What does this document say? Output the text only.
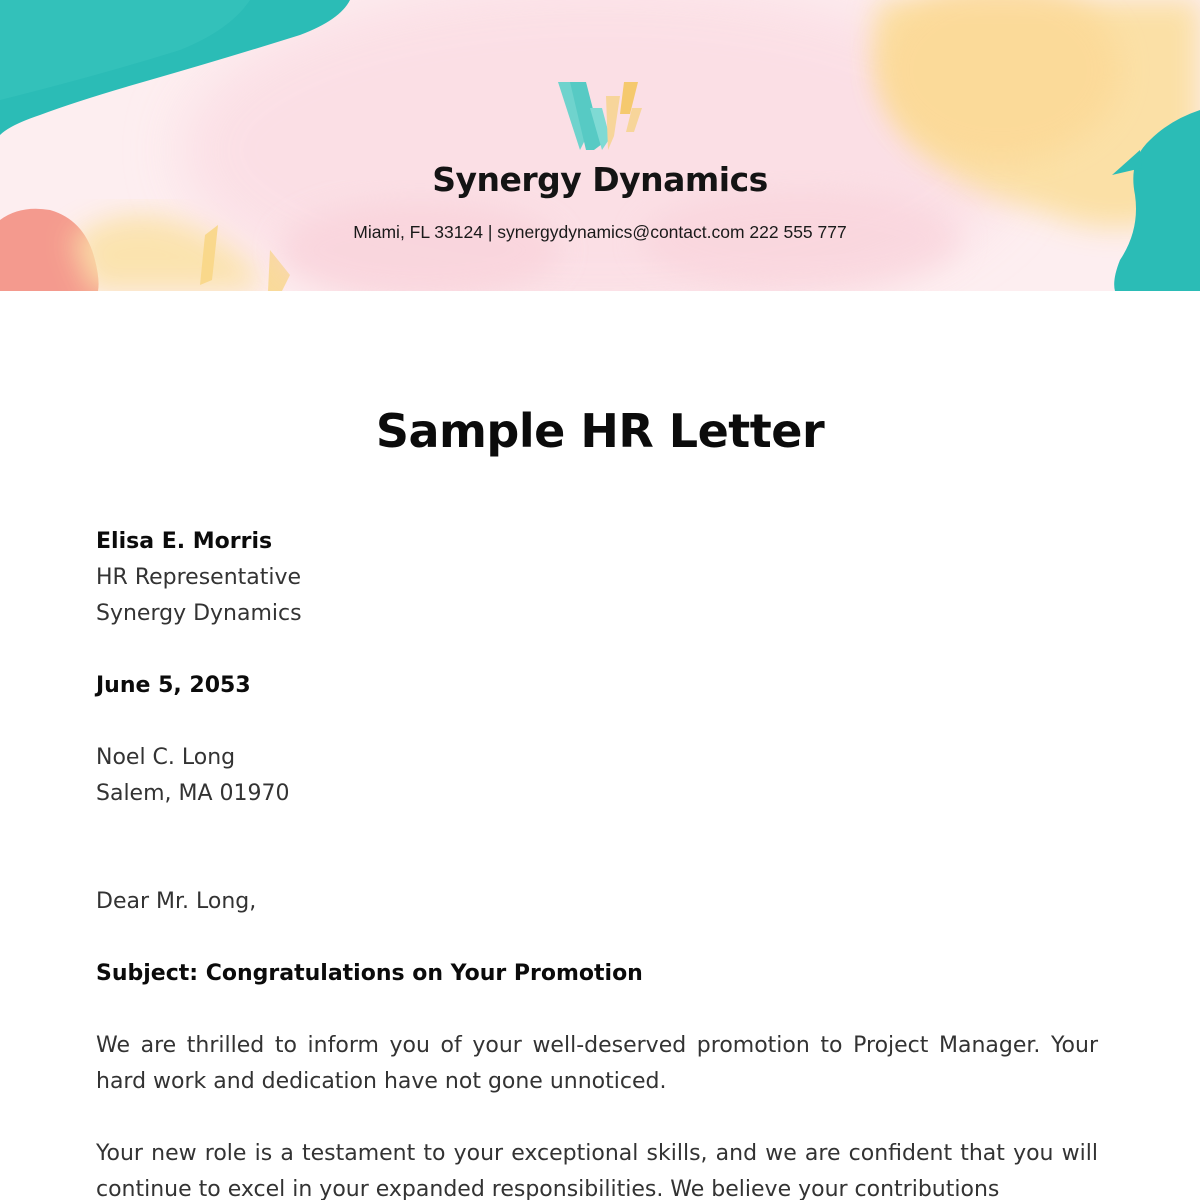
Synergy Dynamics
Miami, FL 33124 | synergydynamics@contact.com 222 555 777
Sample HR Letter
Elisa E. Morris
HR Representative
Synergy Dynamics
June 5, 2053
Noel C. Long
Salem, MA 01970
Dear Mr. Long,
Subject: Congratulations on Your Promotion
We are thrilled to inform you of your well-deserved promotion to Project Manager. Your hard work and dedication have not gone unnoticed.
Your new role is a testament to your exceptional skills, and we are confident that you will continue to excel in your expanded responsibilities. We believe your contributions
